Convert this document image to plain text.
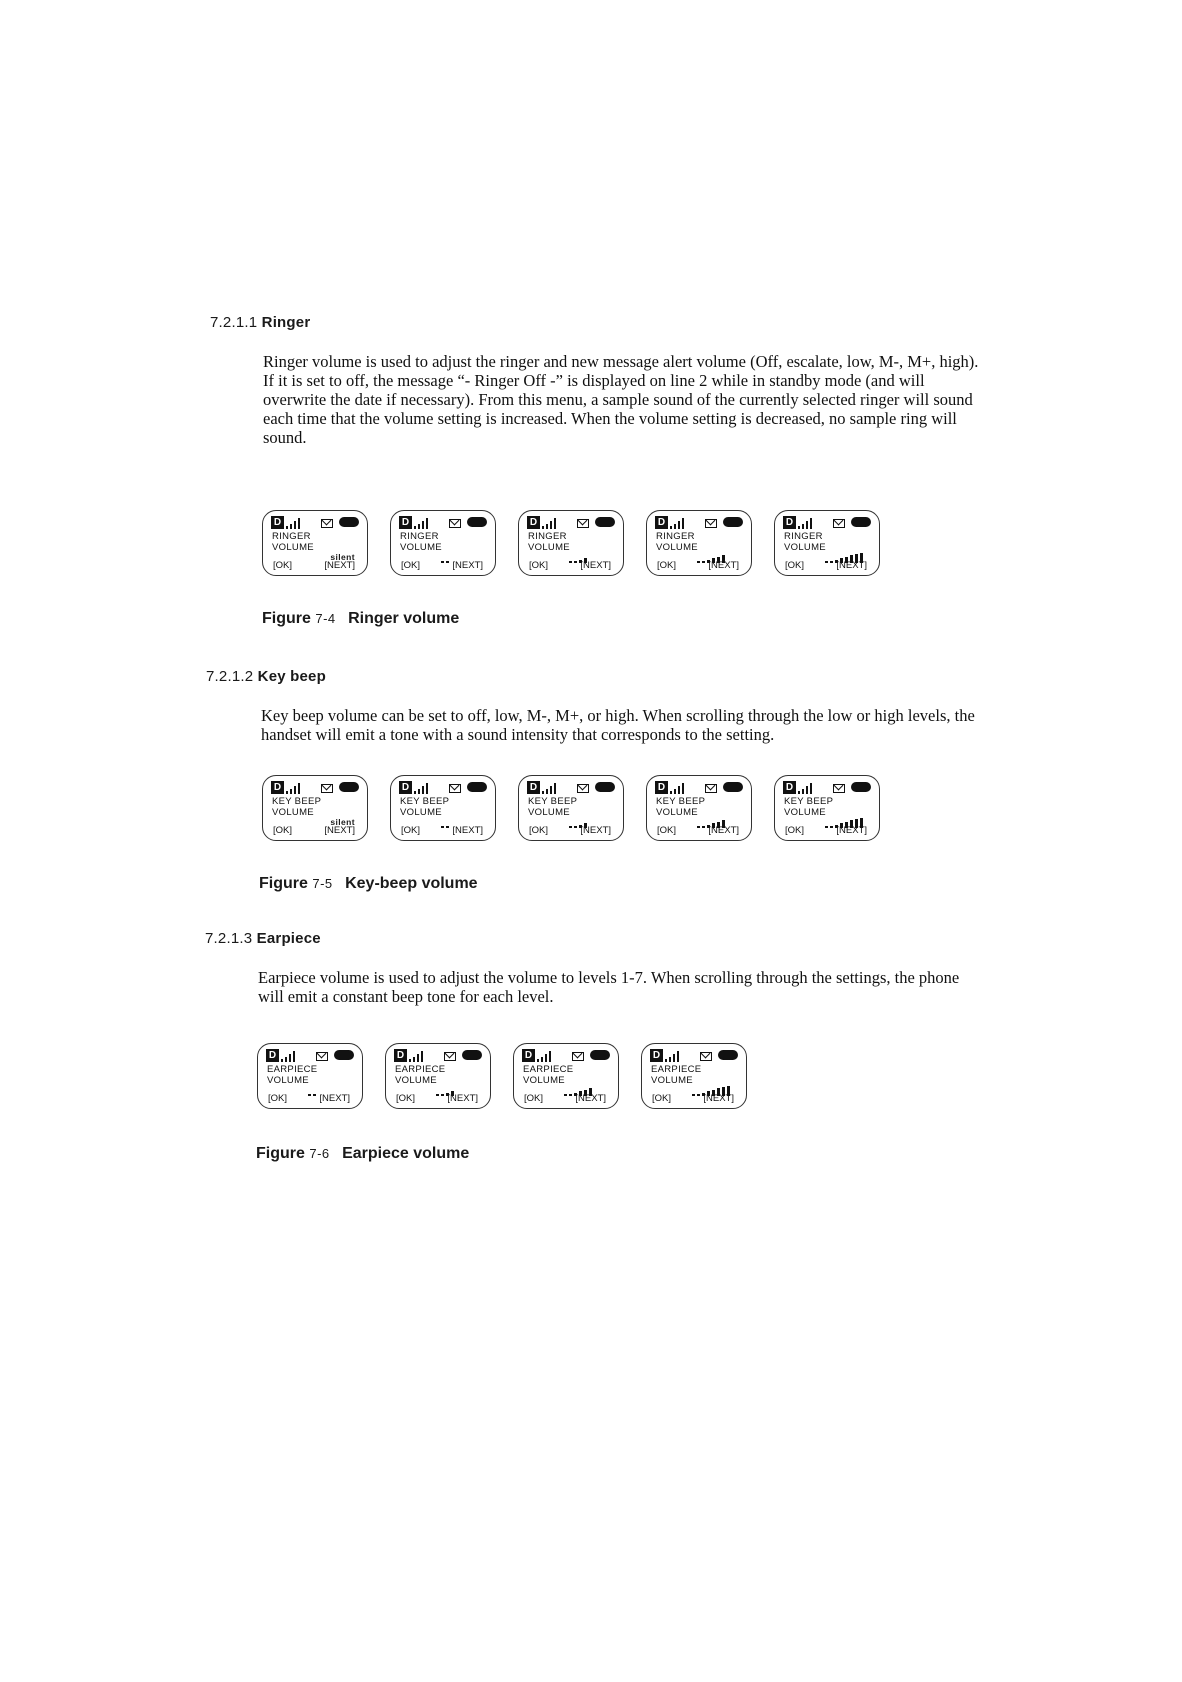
7.2.1.1 Ringer
Ringer volume is used to adjust the ringer and new message alert volume (Off, escalate, low, M-, M+, high). If it is set to off, the message “- Ringer Off -” is displayed on line 2 while in standby mode (and will overwrite the date if necessary). From this menu, a sample sound of the currently selected ringer will sound each time that the volume setting is increased. When the volume setting is decreased, no sample ring will sound.
D
RINGER
VOLUME
silent
[OK]	[NEXT]
D
RINGER
VOLUME
[OK]	[NEXT]
D
RINGER
VOLUME
[OK]	[NEXT]
D
RINGER
VOLUME
[OK]	[NEXT]
D
RINGER
VOLUME
[OK]	[NEXT]
Figure 7-4 Ringer volume
7.2.1.2 Key beep
Key beep volume can be set to off, low, M-, M+, or high. When scrolling through the low or high levels, the handset will emit a tone with a sound intensity that corresponds to the setting.
D
KEY BEEP
VOLUME
silent
[OK]	[NEXT]
D
KEY BEEP
VOLUME
[OK]	[NEXT]
D
KEY BEEP
VOLUME
[OK]	[NEXT]
D
KEY BEEP
VOLUME
[OK]	[NEXT]
D
KEY BEEP
VOLUME
[OK]	[NEXT]
Figure 7-5 Key-beep volume
7.2.1.3 Earpiece
Earpiece volume is used to adjust the volume to levels 1-7. When scrolling through the settings, the phone will emit a constant beep tone for each level.
D
EARPIECE
VOLUME
[OK]	[NEXT]
D
EARPIECE
VOLUME
[OK]	[NEXT]
D
EARPIECE
VOLUME
[OK]	[NEXT]
D
EARPIECE
VOLUME
[OK]	[NEXT]
Figure 7-6 Earpiece volume
